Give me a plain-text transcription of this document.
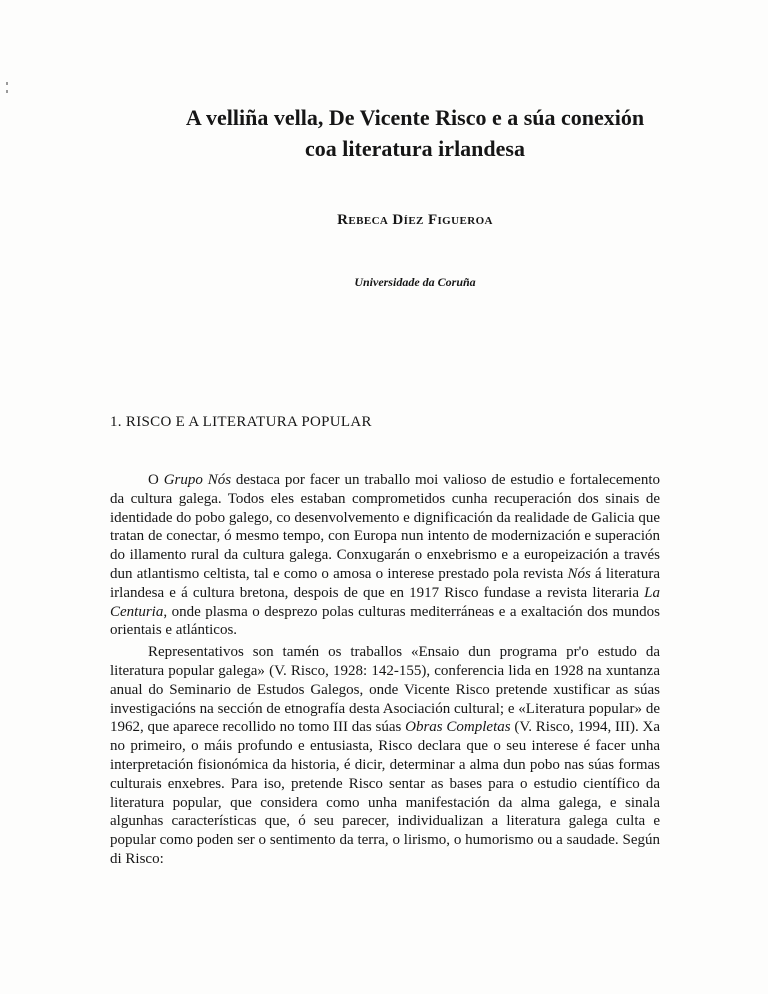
A velliña vella, De Vicente Risco e a súa conexión
coa literatura irlandesa
Rebeca Díez Figueroa
Universidade da Coruña
1. RISCO E A LITERATURA POPULAR

O Grupo Nós destaca por facer un traballo moi valioso de estudio e fortalecemento da cultura galega. Todos eles estaban comprometidos cunha recuperación dos sinais de identidade do pobo galego, co desenvolvemento e dignificación da realidade de Galicia que tratan de conectar, ó mesmo tempo, con Europa nun intento de modernización e superación do illamento rural da cultura galega. Conxugarán o enxebrismo e a europeización a través dun atlantismo celtista, tal e como o amosa o interese prestado pola revista Nós á literatura irlandesa e á cultura bretona, despois de que en 1917 Risco fundase a revista literaria La Centuria, onde plasma o desprezo polas culturas mediterráneas e a exaltación dos mundos orientais e atlánticos.

Representativos son tamén os traballos «Ensaio dun programa pr'o estudo da literatura popular galega» (V. Risco, 1928: 142-155), conferencia lida en 1928 na xuntanza anual do Seminario de Estudos Galegos, onde Vicente Risco pretende xustificar as súas investigacións na sección de etnografía desta Asociación cultural; e «Literatura popular» de 1962, que aparece recollido no tomo III das súas Obras Completas (V. Risco, 1994, III). Xa no primeiro, o máis profundo e entusiasta, Risco declara que o seu interese é facer unha interpretación fisionómica da historia, é dicir, determinar a alma dun pobo nas súas formas culturais enxebres. Para iso, pretende Risco sentar as bases para o estudio científico da literatura popular, que considera como unha manifestación da alma galega, e sinala algunhas características que, ó seu parecer, individualizan a literatura galega culta e popular como poden ser o sentimento da terra, o lirismo, o humorismo ou a saudade. Según di Risco:
